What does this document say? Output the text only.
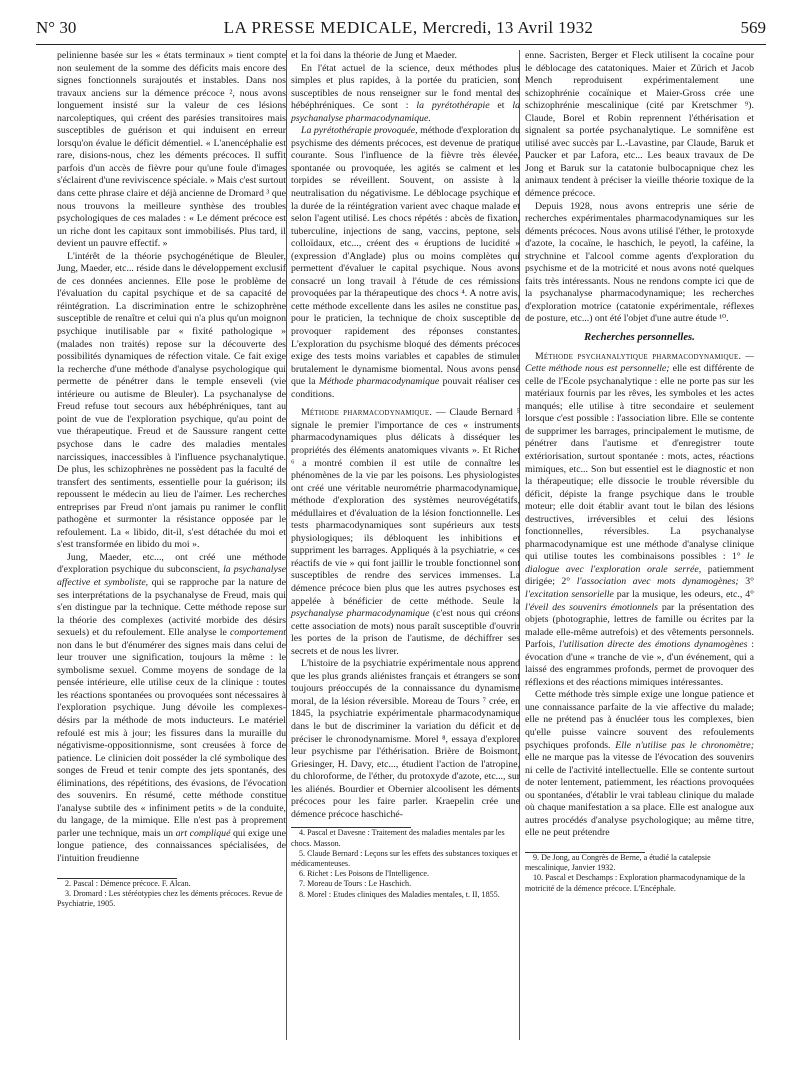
N° 30	LA PRESSE MEDICALE, Mercredi, 13 Avril 1932	569

pelinienne basée sur les « états terminaux » tient compte non seulement de la somme des déficits mais encore des signes fonctionnels surajoutés et instables. Dans nos travaux anciens sur la démence précoce ², nous avons longuement insisté sur la valeur de ces lésions narcoleptiques, qui créent des parésies transitoires mais susceptibles de guérison et qui induisent en erreur lorsqu'on évalue le déficit démentiel. « L'anencéphalie est rare, disions-nous, chez les déments précoces. Il suffit parfois d'un accès de fièvre pour qu'une foule d'images s'éclairent d'une reviviscence spéciale. » Mais c'est surtout dans cette phrase claire et déjà ancienne de Dromard ³ que nous trouvons la meilleure synthèse des troubles psychologiques de ces malades : « Le dément précoce est un riche dont les capitaux sont immobilisés. Plus tard, il devient un pauvre effectif. »

L'intérêt de la théorie psychogénétique de Bleuler, Jung, Maeder, etc... réside dans le développement exclusif de ces données anciennes. Elle pose le problème de l'évaluation du capital psychique et de sa capacité de réintégration. La discrimination entre le schizophrène susceptible de renaître et celui qui n'a plus qu'un moignon psychique inutilisable par « fixité pathologique » (malades non traités) repose sur la découverte des possibilités dynamiques de réfection vitale. Ce fait exige la recherche d'une méthode d'analyse psychologique qui permette de pénétrer dans le temple enseveli (vie intérieure ou autisme de Bleuler). La psychanalyse de Freud refuse tout secours aux hébéphréniques, tant au point de vue de l'exploration psychique, qu'au point de vue thérapeutique. Freud et de Saussure rangent cette psychose dans le cadre des maladies mentales narcissiques, inaccessibles à l'influence psychanalytique. De plus, les schizophrènes ne possèdent pas la faculté de transfert des sentiments, essentielle pour la guérison; ils repoussent le médecin au lieu de l'aimer. Les recherches entreprises par Freud n'ont jamais pu ranimer le conflit pathogène et surmonter la résistance opposée par le refoulement. La « libido, dit-il, s'est détachée du moi et s'est transformée en libido du moi ».

Jung, Maeder, etc..., ont créé une méthode d'exploration psychique du subconscient, la psychanalyse affective et symboliste, qui se rapproche par la nature de ses interprétations de la psychanalyse de Freud, mais qui s'en distingue par la technique. Cette méthode repose sur la théorie des complexes (activité morbide des désirs sexuels) et du refoulement. Elle analyse le comportement non dans le but d'énumérer des signes mais dans celui de leur trouver une signification, toujours la même : le symbolisme sexuel. Comme moyens de sondage de la pensée intérieure, elle utilise ceux de la clinique : toutes les réactions spontanées ou provoquées sont nécessaires à l'exploration psychique. Jung dévoile les complexes-désirs par la méthode de mots inducteurs. Le matériel refoulé est mis à jour; les fissures dans la muraille du négativisme-oppositionnisme, sont creusées à force de patience. Le clinicien doit posséder la clé symbolique des songes de Freud et tenir compte des jets spontanés, des éliminations, des répétitions, des évasions, de l'évocation des souvenirs. En résumé, cette méthode constitue l'analyse subtile des « infiniment petits » de la conduite, du langage, de la mimique. Elle n'est pas à proprement parler une technique, mais un art compliqué qui exige une longue patience, des connaissances spécialisées, de l'intuition freudienne

2. Pascal : Démence précoce. F. Alcan.

3. Dromard : Les stéréotypies chez les déments précoces. Revue de Psychiatrie, 1905.

et la foi dans la théorie de Jung et Maeder.

En l'état actuel de la science, deux méthodes plus simples et plus rapides, à la portée du praticien, sont susceptibles de nous renseigner sur le fond mental des hébéphréniques. Ce sont : la pyrétothérapie et la psychanalyse pharmacodynamique.

La pyrétothérapie provoquée, méthode d'exploration du psychisme des déments précoces, est devenue de pratique courante. Sous l'influence de la fièvre très élevée, spontanée ou provoquée, les agités se calment et les torpides se réveillent. Souvent, on assiste à la neutralisation du négativisme. Le déblocage psychique et la durée de la réintégration varient avec chaque malade et selon l'agent utilisé. Les chocs répétés : abcès de fixation, tuberculine, injections de sang, vaccins, peptone, sels colloïdaux, etc..., créent des « éruptions de lucidité » (expression d'Anglade) plus ou moins complètes qui permettent d'évaluer le capital psychique. Nous avons consacré un long travail à l'étude de ces rémissions provoquées par la thérapeutique des chocs ⁴. A notre avis, cette méthode excellente dans les asiles ne constitue pas, pour le praticien, la technique de choix susceptible de provoquer rapidement des réponses constantes. L'exploration du psychisme bloqué des déments précoces exige des tests moins variables et capables de stimuler brutalement le dynamisme biomental. Nous avons pensé que la Méthode pharmacodynamique pouvait réaliser ces conditions.

Méthode pharmacodynamique. — Claude Bernard ⁵ signale le premier l'importance de ces « instruments pharmacodynamiques plus délicats à disséquer les propriétés des éléments anatomiques vivants ». Et Richet ⁶ a montré combien il est utile de connaître les phénomènes de la vie par les poisons. Les physiologistes ont créé une véritable neurométrie pharmacodynamique, méthode d'exploration des systèmes neurovégétatifs, médullaires et d'évaluation de la lésion fonctionnelle. Les tests pharmacodynamiques sont supérieurs aux tests physiologiques; ils débloquent les inhibitions et suppriment les barrages. Appliqués à la psychiatrie, « ces réactifs de vie » qui font jaillir le trouble fonctionnel sont susceptibles de rendre des services immenses. La démence précoce bien plus que les autres psychoses est appelée à bénéficier de cette méthode. Seule la psychanalyse pharmacodynamique (c'est nous qui créons cette association de mots) nous paraît susceptible d'ouvrir les portes de la prison de l'autisme, de déchiffrer ses secrets et de nous les livrer.

L'histoire de la psychiatrie expérimentale nous apprend que les plus grands aliénistes français et étrangers se sont toujours préoccupés de la connaissance du dynamisme moral, de la lésion réversible. Moreau de Tours ⁷ crée, en 1845, la psychiatrie expérimentale pharmacodynamique dans le but de discriminer la variation du déficit et de préciser le chronodynamisme. Morel ⁸, essaya d'explorer leur psychisme par l'éthérisation. Brière de Boismont, Griesinger, H. Davy, etc..., étudient l'action de l'atropine, du chloroforme, de l'éther, du protoxyde d'azote, etc..., sur les aliénés. Bourdier et Obernier alcoolisent les déments précoces pour les faire parler. Kraepelin crée une démence précoce haschiché-

4. Pascal et Davesne : Traitement des maladies mentales par les chocs. Masson.

5. Claude Bernard : Leçons sur les effets des substances toxiques et médicamenteuses.

6. Richet : Les Poisons de l'Intelligence.

7. Moreau de Tours : Le Haschich.

8. Morel : Etudes cliniques des Maladies mentales, t. II, 1855.

enne. Sacristen, Berger et Fleck utilisent la cocaïne pour le déblocage des catatoniques. Maier et Zürich et Jacob Mench reproduisent expérimentalement une schizophrénie cocaïnique et Maier-Gross crée une schizophrénie mescalinique (cité par Kretschmer ⁹). Claude, Borel et Robin reprennent l'éthérisation et signalent sa portée psychanalytique. Le somnifène est utilisé avec succès par L.-Lavastine, par Claude, Baruk et Paucker et par Lafora, etc... Les beaux travaux de De Jong et Baruk sur la catatonie bulbocapnique chez les animaux tendent à préciser la vieille théorie toxique de la démence précoce.

Depuis 1928, nous avons entrepris une série de recherches expérimentales pharmacodynamiques sur les déments précoces. Nous avons utilisé l'éther, le protoxyde d'azote, la cocaïne, le haschich, le peyotl, la caféine, la strychnine et l'alcool comme agents d'exploration du psychisme et de la motricité et nous avons noté quelques faits très intéressants. Nous ne rendons compte ici que de la psychanalyse pharmacodynamique; les recherches d'exploration motrice (catatonie expérimentale, réflexes de posture, etc...) ont été l'objet d'une autre étude ¹⁰.

Recherches personnelles.

Méthode psychanalytique pharmacodynamique. — Cette méthode nous est personnelle; elle est différente de celle de l'Ecole psychanalytique : elle ne porte pas sur les matériaux fournis par les rêves, les symboles et les actes manqués; elle utilise à titre secondaire et seulement lorsque c'est possible : l'association libre. Elle se contente de supprimer les barrages, principalement le mutisme, de pénétrer dans l'autisme et d'enregistrer toute extériorisation, surtout spontanée : mots, actes, réactions mimiques, etc... Son but essentiel est le diagnostic et non la thérapeutique; elle dissocie le trouble réversible du déficit, dépiste la frange psychique dans le trouble moteur; elle doit établir avant tout le bilan des lésions destructives, irréversibles et celui des lésions fonctionnelles, réversibles. La psychanalyse pharmacodynamique est une méthode d'analyse clinique qui utilise toutes les combinaisons possibles : 1° le dialogue avec l'exploration orale serrée, patiemment dirigée; 2° l'association avec mots dynamogènes; 3° l'excitation sensorielle par la musique, les odeurs, etc., 4° l'éveil des souvenirs émotionnels par la présentation des objets (photographie, lettres de famille ou écrites par la malade elle-même autrefois) et des vêtements personnels. Parfois, l'utilisation directe des émotions dynamogènes : évocation d'une « tranche de vie », d'un événement, qui a laissé des engrammes profonds, permet de provoquer des réflexions et des réactions mimiques intéressantes.

Cette méthode très simple exige une longue patience et une connaissance parfaite de la vie affective du malade; elle ne prétend pas à énucléer tous les complexes, bien qu'elle puisse vaincre souvent des refoulements psychiques profonds. Elle n'utilise pas le chronomètre; elle ne marque pas la vitesse de l'évocation des souvenirs ni celle de l'activité intellectuelle. Elle se contente surtout de noter lentement, patiemment, les réactions provoquées ou spontanées, d'établir le vrai tableau clinique du malade où chaque manifestation a sa place. Elle est analogue aux autres procédés d'analyse psychologique; au même titre, elle ne peut prétendre

9. De Jong, au Congrès de Berne, a étudié la catalepsie mescalinique, Janvier 1932.

10. Pascal et Deschamps : Exploration pharmacodynamique de la motricité de la démence précoce. L'Encéphale.
